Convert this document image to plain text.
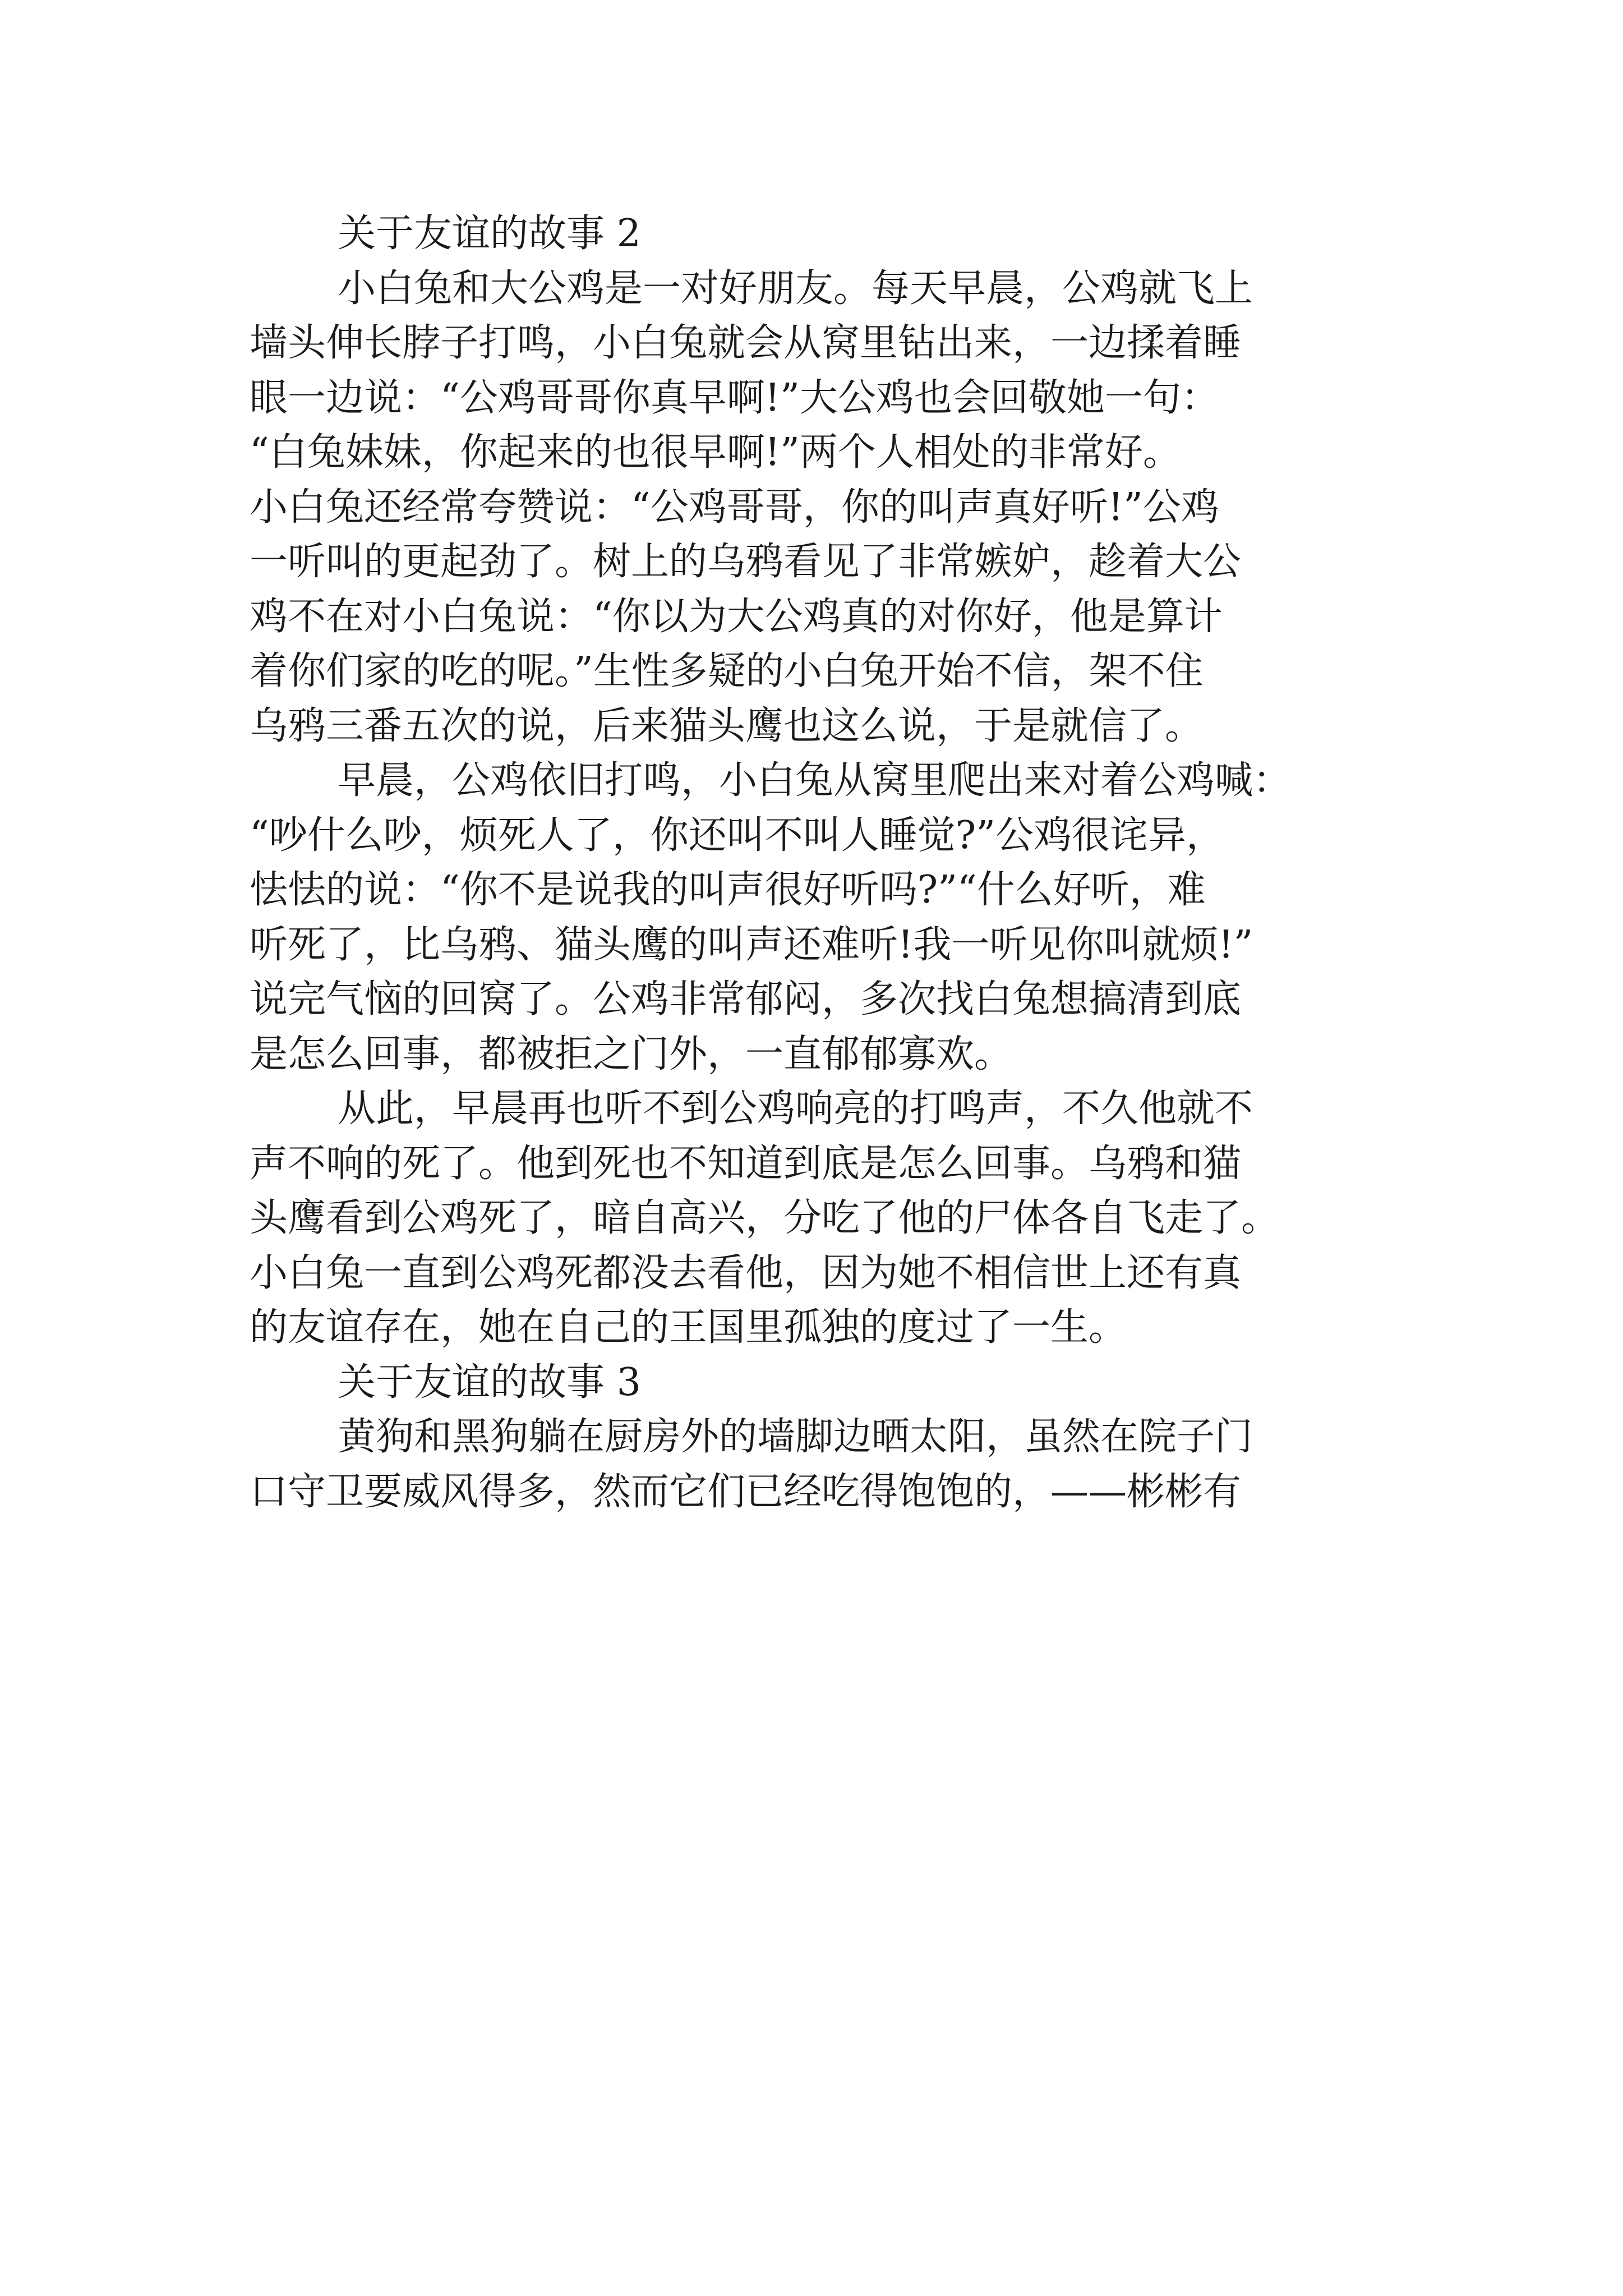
关于友谊的故事 2
小白兔和大公鸡是一对好朋友。每天早晨，公鸡就飞上
墙头伸长脖子打鸣，小白兔就会从窝里钻出来，一边揉着睡
眼一边说：“公鸡哥哥你真早啊!”大公鸡也会回敬她一句：
“白兔妹妹，你起来的也很早啊!”两个人相处的非常好。
小白兔还经常夸赞说：“公鸡哥哥，你的叫声真好听!”公鸡
一听叫的更起劲了。树上的乌鸦看见了非常嫉妒，趁着大公
鸡不在对小白兔说：“你以为大公鸡真的对你好，他是算计
着你们家的吃的呢。”生性多疑的小白兔开始不信，架不住
乌鸦三番五次的说，后来猫头鹰也这么说，于是就信了。
早晨，公鸡依旧打鸣，小白兔从窝里爬出来对着公鸡喊：
“吵什么吵，烦死人了，你还叫不叫人睡觉?”公鸡很诧异，
怯怯的说：“你不是说我的叫声很好听吗?”“什么好听，难
听死了，比乌鸦、猫头鹰的叫声还难听!我一听见你叫就烦!”
说完气恼的回窝了。公鸡非常郁闷，多次找白兔想搞清到底
是怎么回事，都被拒之门外，一直郁郁寡欢。
从此，早晨再也听不到公鸡响亮的打鸣声，不久他就不
声不响的死了。他到死也不知道到底是怎么回事。乌鸦和猫
头鹰看到公鸡死了，暗自高兴，分吃了他的尸体各自飞走了。
小白兔一直到公鸡死都没去看他，因为她不相信世上还有真
的友谊存在，她在自己的王国里孤独的度过了一生。
关于友谊的故事 3
黄狗和黑狗躺在厨房外的墙脚边晒太阳，虽然在院子门
口守卫要威风得多，然而它们已经吃得饱饱的，——彬彬有
